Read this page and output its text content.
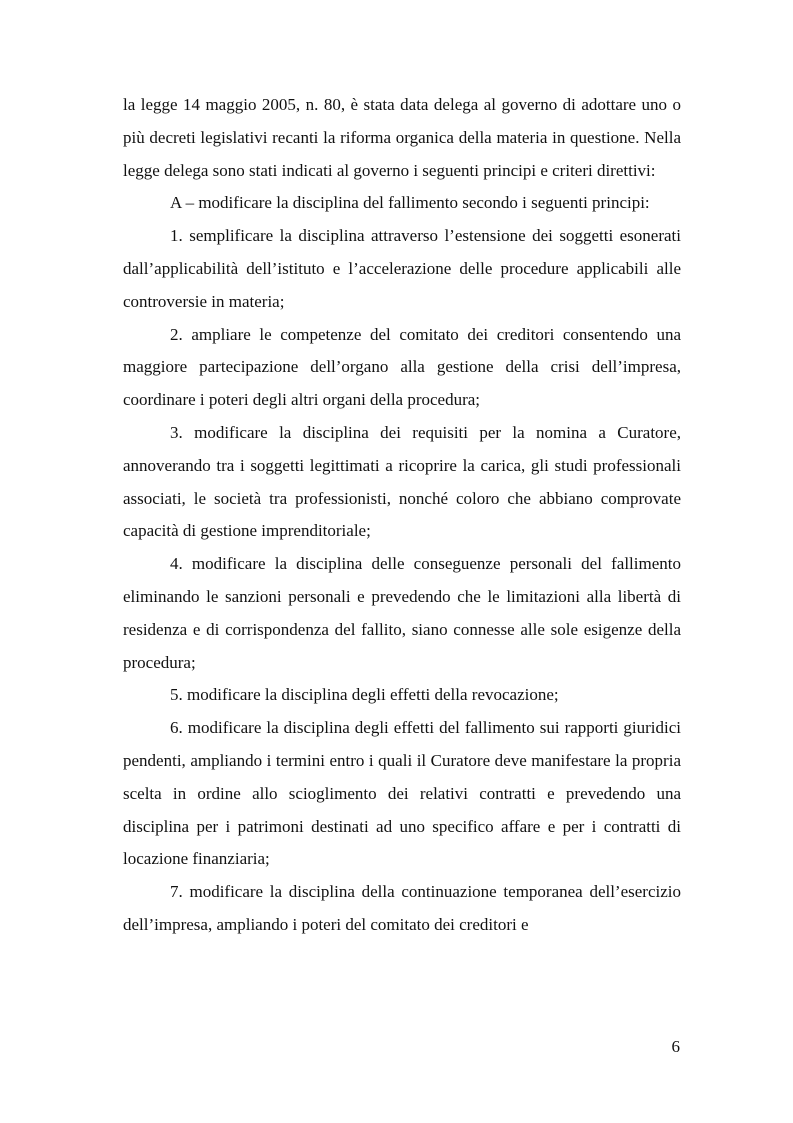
la legge 14 maggio 2005, n. 80, è stata data delega al governo di adottare uno o più decreti legislativi recanti la riforma organica della materia in questione. Nella legge delega sono stati indicati al governo i seguenti principi e criteri direttivi:

A – modificare la disciplina del fallimento secondo i seguenti principi:

1. semplificare la disciplina attraverso l’estensione dei soggetti esonerati dall’applicabilità dell’istituto e l’accelerazione delle procedure applicabili alle controversie in materia;

2. ampliare le competenze del comitato dei creditori consentendo una maggiore partecipazione dell’organo alla gestione della crisi dell’impresa, coordinare i poteri degli altri organi della procedura;

3. modificare la disciplina dei requisiti per la nomina a Curatore, annoverando tra i soggetti legittimati a ricoprire la carica, gli studi professionali associati, le società tra professionisti, nonché coloro che abbiano comprovate capacità di gestione imprenditoriale;

4. modificare la disciplina delle conseguenze personali del fallimento eliminando le sanzioni personali e prevedendo che le limitazioni alla libertà di residenza e di corrispondenza del fallito, siano connesse alle sole esigenze della procedura;

5. modificare la disciplina degli effetti della revocazione;

6. modificare la disciplina degli effetti del fallimento sui rapporti giuridici pendenti, ampliando i termini entro i quali il Curatore deve manifestare la propria scelta in ordine allo scioglimento dei relativi contratti e prevedendo una disciplina per i patrimoni destinati ad uno specifico affare e per i contratti di locazione finanziaria;

7. modificare la disciplina della continuazione temporanea dell’esercizio dell’impresa, ampliando i poteri del comitato dei creditori e

6
